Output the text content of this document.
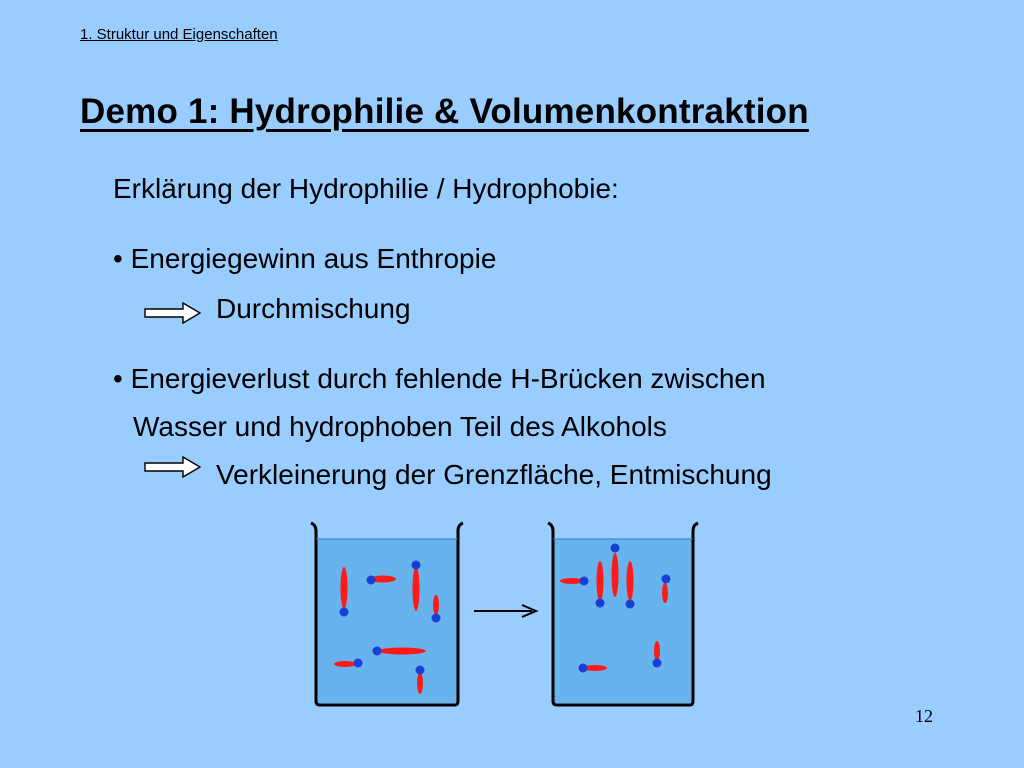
1. Struktur und Eigenschaften
Demo 1: Hydrophilie & Volumenkontraktion
Erklärung der Hydrophilie / Hydrophobie:
• Energiegewinn aus Enthropie
Durchmischung
• Energieverlust durch fehlende H-Brücken zwischen
Wasser und hydrophoben Teil des Alkohols
Verkleinerung der Grenzfläche, Entmischung
12
